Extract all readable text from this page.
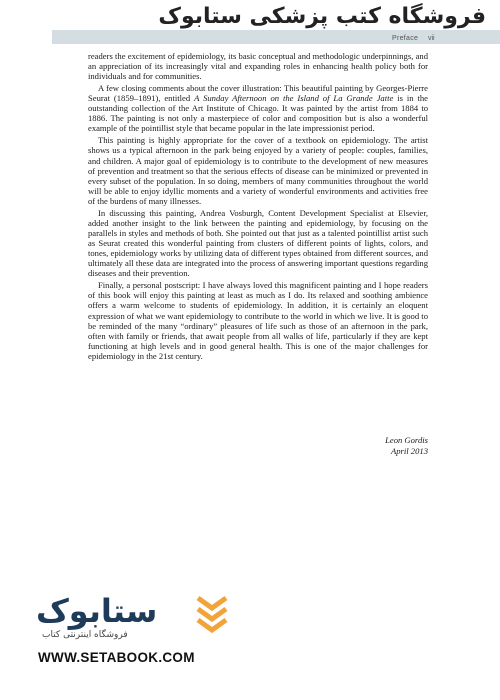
Preface vii
فروشگاه کتب پزشکی ستابوک

readers the excitement of epidemiology, its basic conceptual and methodologic underpinnings, and an appreciation of its increasingly vital and expanding roles in enhancing health policy both for individuals and for communities.

A few closing comments about the cover illustration: This beautiful painting by Georges-Pierre Seurat (1859–1891), entitled A Sunday Afternoon on the Island of La Grande Jatte is in the outstanding collection of the Art Institute of Chicago. It was painted by the artist from 1884 to 1886. The painting is not only a masterpiece of color and composition but is also a wonderful example of the pointillist style that became popular in the late impressionist period.

This painting is highly appropriate for the cover of a textbook on epidemiology. The artist shows us a typical afternoon in the park being enjoyed by a variety of people: couples, families, and children. A major goal of epidemiology is to contribute to the development of new measures of prevention and treatment so that the serious effects of disease can be minimized or prevented in every subset of the population. In so doing, members of many communities throughout the world will be able to enjoy idyllic moments and a variety of wonderful environments and activities free of the burdens of many illnesses.

In discussing this painting, Andrea Vosburgh, Content Development Specialist at Elsevier, added another insight to the link between the painting and epidemiology, by focusing on the parallels in styles and methods of both. She pointed out that just as a talented pointillist artist such as Seurat created this wonderful painting from clusters of different points of lights, colors, and tones, epidemiology works by utilizing data of different types obtained from different sources, and ultimately all these data are integrated into the process of answering important questions regarding diseases and their prevention.

Finally, a personal postscript: I have always loved this magnificent painting and I hope readers of this book will enjoy this painting at least as much as I do. Its relaxed and soothing ambience offers a warm welcome to students of epidemiology. In addition, it is certainly an eloquent expression of what we want epidemiology to contribute to the world in which we live. It is good to be reminded of the many “ordinary” pleasures of life such as those of an afternoon in the park, often with family or friends, that await people from all walks of life, particularly if they are kept functioning at high levels and in good general health. This is one of the major challenges for epidemiology in the 21st century.

Leon Gordis
April 2013
ستابوک
فروشگاه اینترنتی کتاب
WWW.SETABOOK.COM
